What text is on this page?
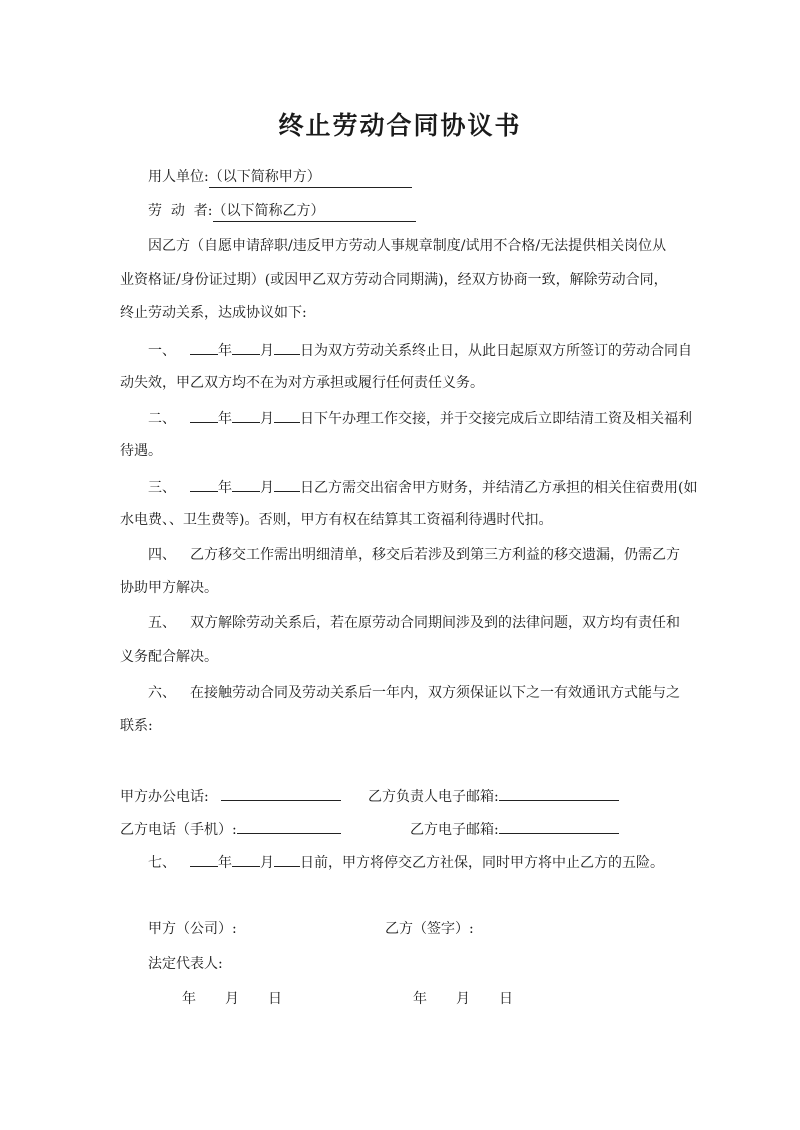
终止劳动合同协议书
用人单位:（以下简称甲方）
劳  动  者:（以下简称乙方）
因乙方（自愿申请辞职/违反甲方劳动人事规章制度/试用不合格/无法提供相关岗位从
业资格证/身份证过期）(或因甲乙双方劳动合同期满)，经双方协商一致，解除劳动合同，
终止劳动关系，达成协议如下:
一、	年 月 日为双方劳动关系终止日，从此日起原双方所签订的劳动合同自
动失效，甲乙双方均不在为对方承担或履行任何责任义务。
二、	年 月 日下午办理工作交接，并于交接完成后立即结清工资及相关福利
待遇。
三、	年 月 日乙方需交出宿舍甲方财务，并结清乙方承担的相关住宿费用(如
水电费、、卫生费等)。否则，甲方有权在结算其工资福利待遇时代扣。
四、 乙方移交工作需出明细清单，移交后若涉及到第三方利益的移交遗漏，仍需乙方
协助甲方解决。
五、 双方解除劳动关系后，若在原劳动合同期间涉及到的法律问题，双方均有责任和
义务配合解决。
六、 在接触劳动合同及劳动关系后一年内，双方须保证以下之一有效通讯方式能与之
联系:
甲方办公电话:	乙方负责人电子邮箱:
乙方电话（手机）:	乙方电子邮箱:
七、	年 月 日前，甲方将停交乙方社保，同时甲方将中止乙方的五险。
甲方（公司）:	乙方（签字）:
法定代表人:
年 月 日	年 月 日
